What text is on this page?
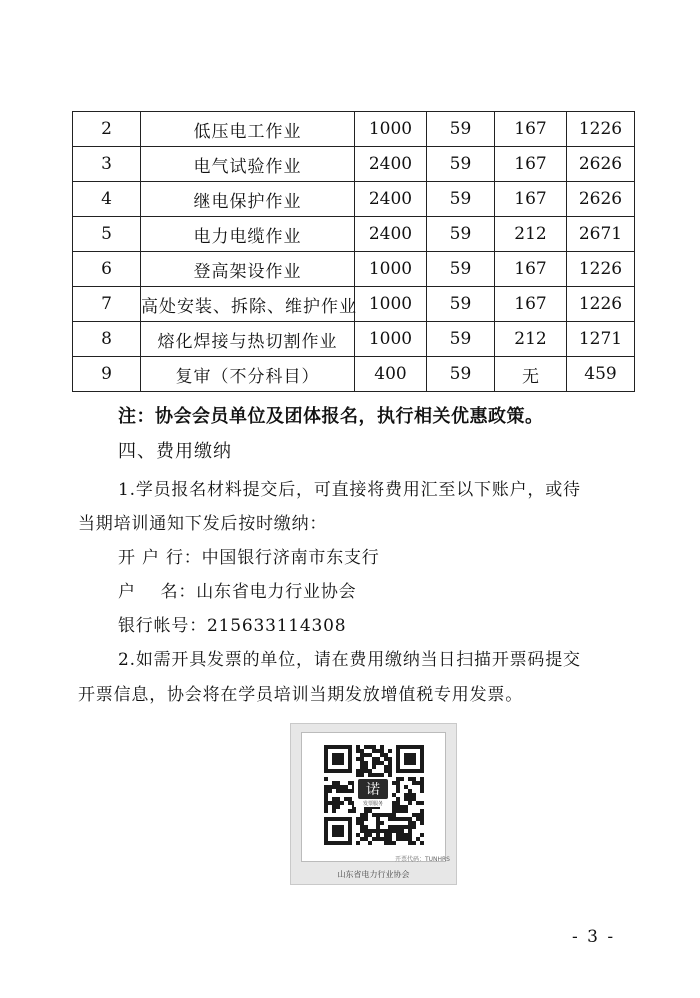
2	低压电工作业	1000	59	167	1226
3	电气试验作业	2400	59	167	2626
4	继电保护作业	2400	59	167	2626
5	电力电缆作业	2400	59	212	2671
6	登高架设作业	1000	59	167	1226
7	高处安装、拆除、维护作业	1000	59	167	1226
8	熔化焊接与热切割作业	1000	59	212	1271
9	复审（不分科目）	400	59	无	459
注：协会会员单位及团体报名，执行相关优惠政策。
四、费用缴纳
1.学员报名材料提交后，可直接将费用汇至以下账户，或待
当期培训通知下发后按时缴纳：
开 户 行：中国银行济南市东支行
户    名：山东省电力行业协会
银行帐号：215633114308
2.如需开具发票的单位，请在费用缴纳当日扫描开票码提交
开票信息，协会将在学员培训当期发放增值税专用发票。
诺
发票服务
开票代码：TUNHRS
山东省电力行业协会
- 3 -
